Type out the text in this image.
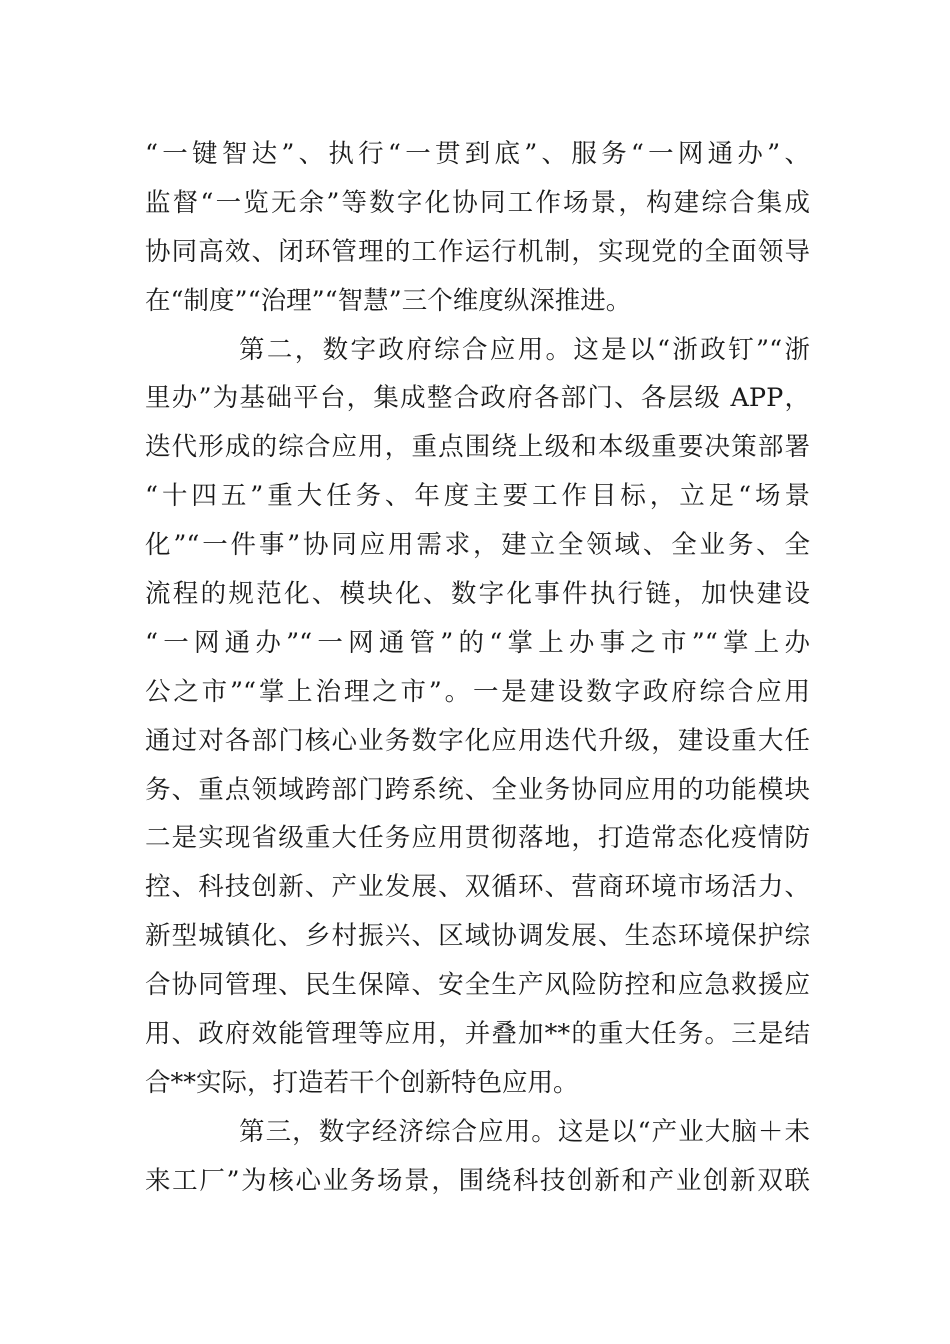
“一键智达”、执行“一贯到底”、服务“一网通办”、
监督“一览无余”等数字化协同工作场景，构建综合集成
协同高效、闭环管理的工作运行机制，实现党的全面领导
在“制度”“治理”“智慧”三个维度纵深推进。
第二，数字政府综合应用。这是以“浙政钉”“浙
里办”为基础平台，集成整合政府各部门、各层级 APP，
迭代形成的综合应用，重点围绕上级和本级重要决策部署
“十四五”重大任务、年度主要工作目标，立足“场景
化”“一件事”协同应用需求，建立全领域、全业务、全
流程的规范化、模块化、数字化事件执行链，加快建设
“一网通办”“一网通管”的“掌上办事之市”“掌上办
公之市”“掌上治理之市”。一是建设数字政府综合应用
通过对各部门核心业务数字化应用迭代升级，建设重大任
务、重点领域跨部门跨系统、全业务协同应用的功能模块
二是实现省级重大任务应用贯彻落地，打造常态化疫情防
控、科技创新、产业发展、双循环、营商环境市场活力、
新型城镇化、乡村振兴、区域协调发展、生态环境保护综
合协同管理、民生保障、安全生产风险防控和应急救援应
用、政府效能管理等应用，并叠加**的重大任务。三是结
合**实际，打造若干个创新特色应用。
第三，数字经济综合应用。这是以“产业大脑＋未
来工厂”为核心业务场景，围绕科技创新和产业创新双联
